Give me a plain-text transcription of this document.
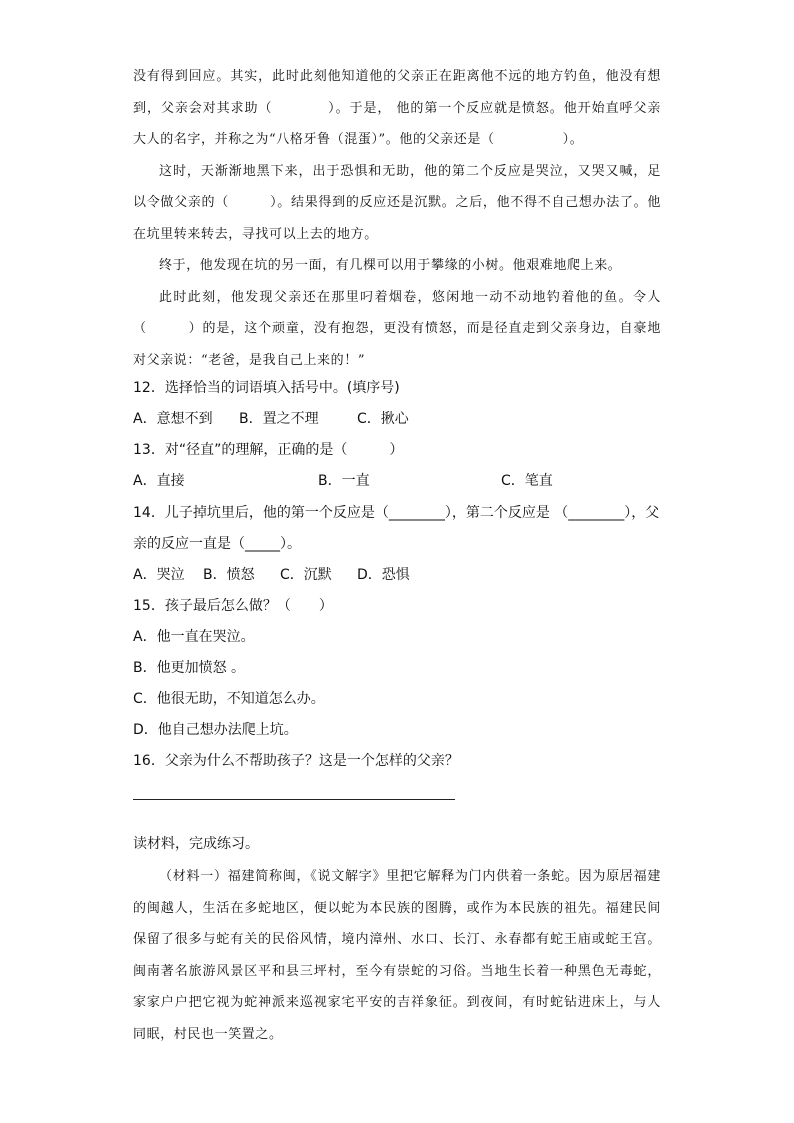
没有得到回应。其实，此时此刻他知道他的父亲正在距离他不远的地方钓鱼，他没有想到，父亲会对其求助（　　　　）。于是， 他的第一个反应就是愤怒。他开始直呼父亲大人的名字，并称之为“八格牙鲁（混蛋）”。他的父亲还是（　　　　　）。

这时，天渐渐地黑下来，出于恐惧和无助，他的第二个反应是哭泣，又哭又喊，足以令做父亲的（　　　）。结果得到的反应还是沉默。之后，他不得不自己想办法了。他在坑里转来转去，寻找可以上去的地方。

终于，他发现在坑的另一面，有几棵可以用于攀缘的小树。他艰难地爬上来。

此时此刻，他发现父亲还在那里叼着烟卷，悠闲地一动不动地钓着他的鱼。令人（　　　）的是，这个顽童，没有抱怨，更没有愤怒，而是径直走到父亲身边，自豪地对父亲说：“老爸，是我自己上来的！”

12．选择恰当的词语填入括号中。(填序号)
A．意想不到 B．置之不理	C．揪心
13．对“径直”的理解，正确的是（　　　）
A．直接	B．一直	C．笔直
14．儿子掉坑里后，他的第一个反应是（________），第二个反应是 （________），父
亲的反应一直是（_____）。
A．哭泣 B．愤怒 C．沉默 D．恐惧
15．孩子最后怎么做？（　　）
A．他一直在哭泣。
B．他更加愤怒 。
C．他很无助，不知道怎么办。
D．他自己想办法爬上坑。
16．父亲为什么不帮助孩子？这是一个怎样的父亲？
读材料，完成练习。

（材料一）福建简称闽，《说文解字》里把它解释为门内供着一条蛇。因为原居福建的闽越人，生活在多蛇地区，便以蛇为本民族的图腾，或作为本民族的祖先。福建民间保留了很多与蛇有关的民俗风情，境内漳州、水口、长汀、永春都有蛇王庙或蛇王宫。闽南著名旅游风景区平和县三坪村，至今有崇蛇的习俗。当地生长着一种黑色无毒蛇，家家户户把它视为蛇神派来巡视家宅平安的吉祥象征。到夜间，有时蛇钻进床上，与人同眠，村民也一笑置之。
